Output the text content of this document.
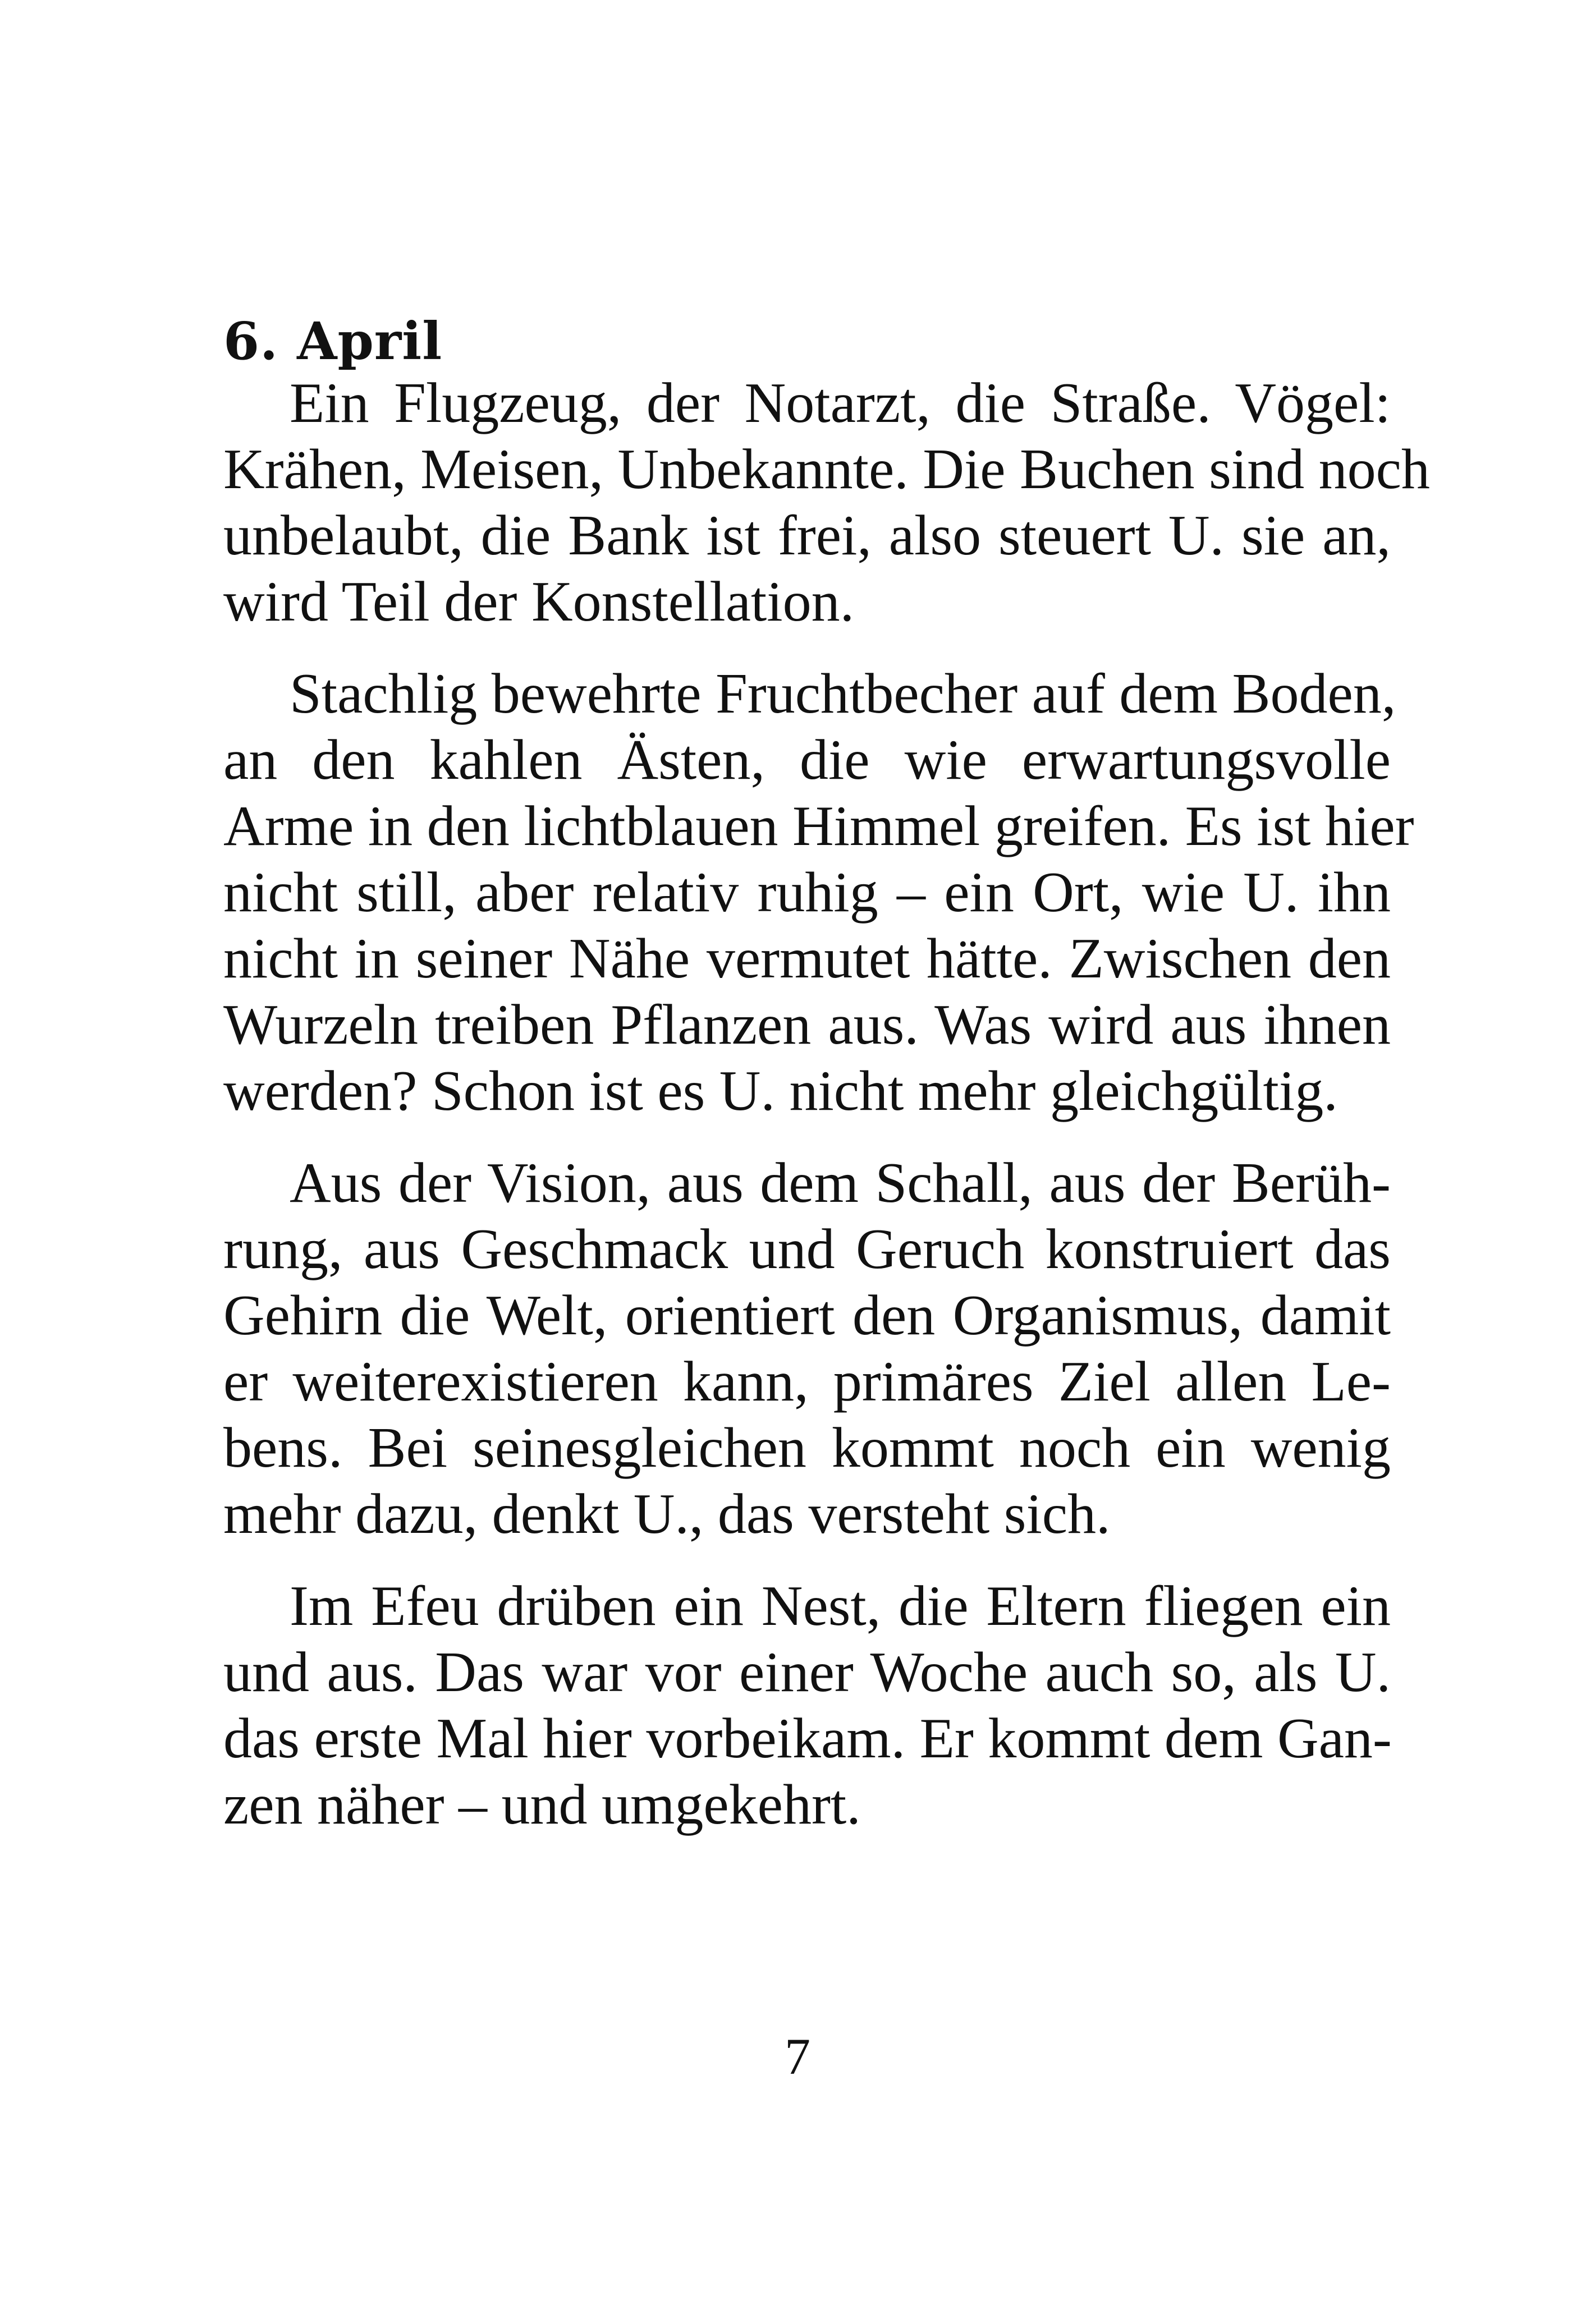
6. April
Ein Flugzeug, der Notarzt, die Straße. Vögel:
Krähen, Meisen, Unbekannte. Die Buchen sind noch
unbelaubt, die Bank ist frei, also steuert U. sie an,
wird Teil der Konstellation.
Stachlig bewehrte Fruchtbecher auf dem Boden,
an den kahlen Ästen, die wie erwartungsvolle
Arme in den lichtblauen Himmel greifen. Es ist hier
nicht still, aber relativ ruhig – ein Ort, wie U. ihn
nicht in seiner Nähe vermutet hätte. Zwischen den
Wurzeln treiben Pflanzen aus. Was wird aus ihnen
werden? Schon ist es U. nicht mehr gleichgültig.
Aus der Vision, aus dem Schall, aus der Berüh-
rung, aus Geschmack und Geruch konstruiert das
Gehirn die Welt, orientiert den Organismus, damit
er weiterexistieren kann, primäres Ziel allen Le-
bens. Bei seinesgleichen kommt noch ein wenig
mehr dazu, denkt U., das versteht sich.
Im Efeu drüben ein Nest, die Eltern fliegen ein
und aus. Das war vor einer Woche auch so, als U.
das erste Mal hier vorbeikam. Er kommt dem Gan-
zen näher – und umgekehrt.
7
